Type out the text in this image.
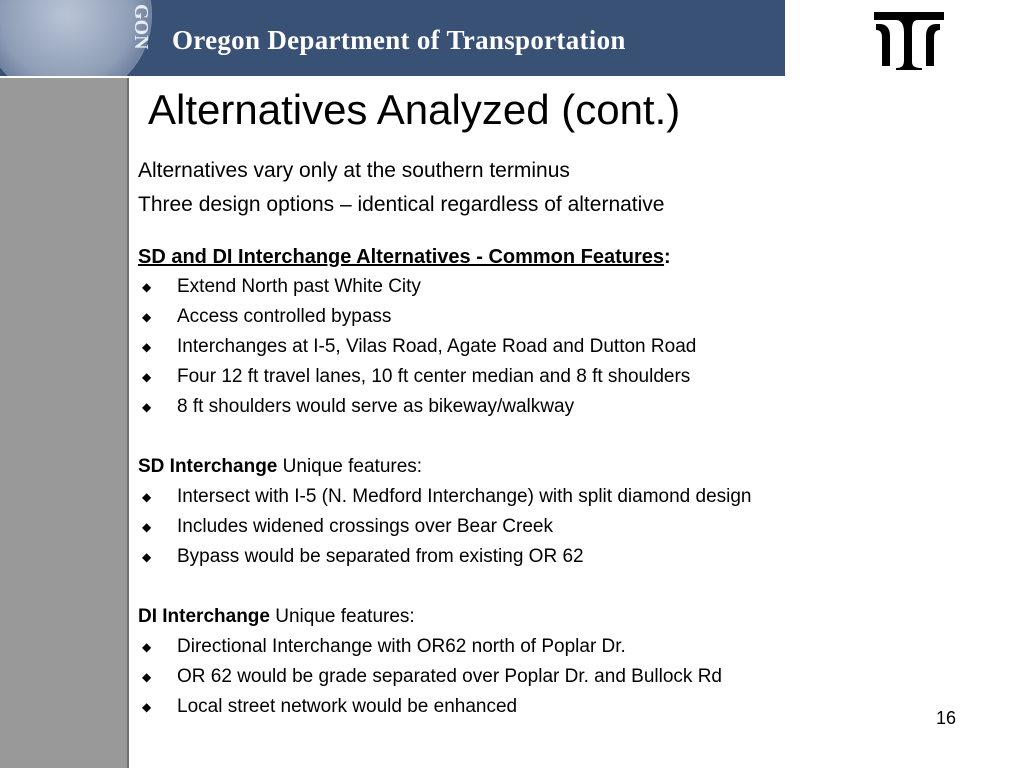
GON Oregon Department of Transportation
Alternatives Analyzed (cont.)

Alternatives vary only at the southern terminus

Three design options – identical regardless of alternative

SD and DI Interchange Alternatives - Common Features:

◆ Extend North past White City
◆ Access controlled bypass
◆ Interchanges at I-5, Vilas Road, Agate Road and Dutton Road
◆ Four 12 ft travel lanes, 10 ft center median and 8 ft shoulders
◆ 8 ft shoulders would serve as bikeway/walkway

SD Interchange Unique features:

◆ Intersect with I-5 (N. Medford Interchange) with split diamond design
◆ Includes widened crossings over Bear Creek
◆ Bypass would be separated from existing OR 62

DI Interchange Unique features:

◆ Directional Interchange with OR62 north of Poplar Dr.
◆ OR 62 would be grade separated over Poplar Dr. and Bullock Rd
◆ Local street network would be enhanced
16
